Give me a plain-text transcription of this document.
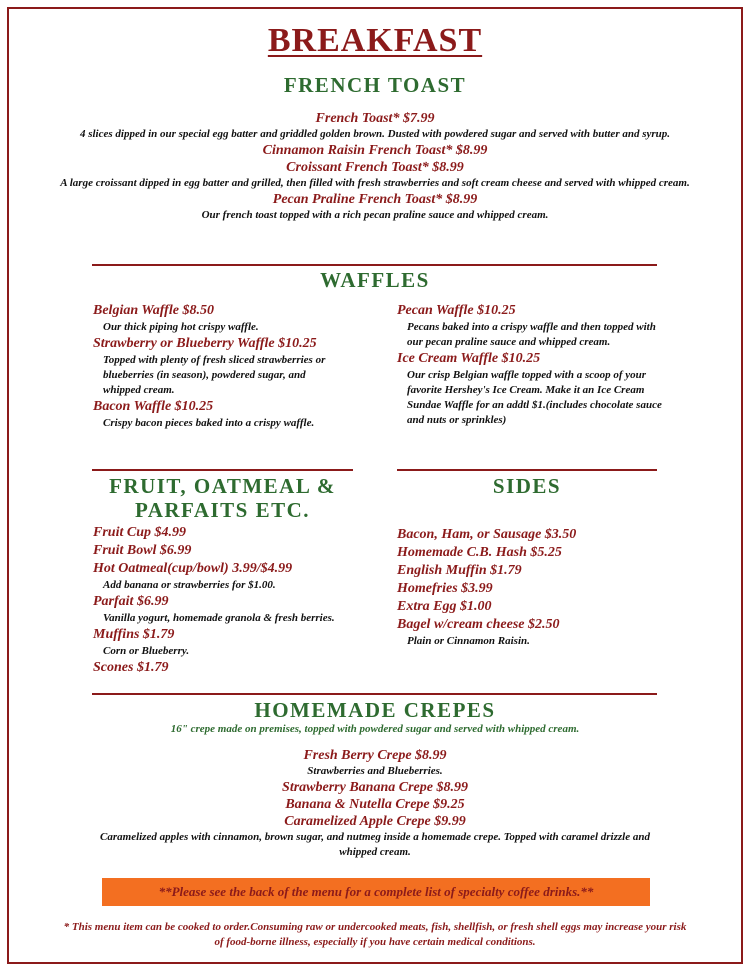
BREAKFAST
FRENCH TOAST
French Toast* $7.99
4 slices dipped in our special egg batter and griddled golden brown. Dusted with powdered sugar and served with butter and syrup.
Cinnamon Raisin French Toast* $8.99
Croissant French Toast* $8.99
A large croissant dipped in egg batter and grilled, then filled with fresh strawberries and soft cream cheese and served with whipped cream.
Pecan Praline French Toast* $8.99
Our french toast topped with a rich pecan praline sauce and whipped cream.
WAFFLES
Belgian Waffle $8.50
Our thick piping hot crispy waffle.
Strawberry or Blueberry Waffle $10.25
Topped with plenty of fresh sliced strawberries or blueberries (in season), powdered sugar, and whipped cream.
Bacon Waffle $10.25
Crispy bacon pieces baked into a crispy waffle.
Pecan Waffle $10.25
Pecans baked into a crispy waffle and then topped with our pecan praline sauce and whipped cream.
Ice Cream Waffle $10.25
Our crisp Belgian waffle topped with a scoop of your favorite Hershey's Ice Cream. Make it an Ice Cream Sundae Waffle for an addtl $1.(includes chocolate sauce and nuts or sprinkles)
FRUIT, OATMEAL & PARFAITS ETC.
Fruit Cup $4.99
Fruit Bowl $6.99
Hot Oatmeal(cup/bowl) 3.99/$4.99
Add banana or strawberries for $1.00.
Parfait $6.99
Vanilla yogurt, homemade granola & fresh berries.
Muffins $1.79
Corn or Blueberry.
Scones $1.79
SIDES
Bacon, Ham, or Sausage $3.50
Homemade C.B. Hash $5.25
English Muffin $1.79
Homefries $3.99
Extra Egg $1.00
Bagel w/cream cheese $2.50
Plain or Cinnamon Raisin.
HOMEMADE CREPES
16" crepe made on premises, topped with powdered sugar and served with whipped cream.
Fresh Berry Crepe $8.99
Strawberries and Blueberries.
Strawberry Banana Crepe $8.99
Banana & Nutella Crepe $9.25
Caramelized Apple Crepe $9.99
Caramelized apples with cinnamon, brown sugar, and nutmeg inside a homemade crepe. Topped with caramel drizzle and whipped cream.
**Please see the back of the menu for a complete list of specialty coffee drinks.**
* This menu item can be cooked to order.Consuming raw or undercooked meats, fish, shellfish, or fresh shell eggs may increase your risk of food-borne illness, especially if you have certain medical conditions.
